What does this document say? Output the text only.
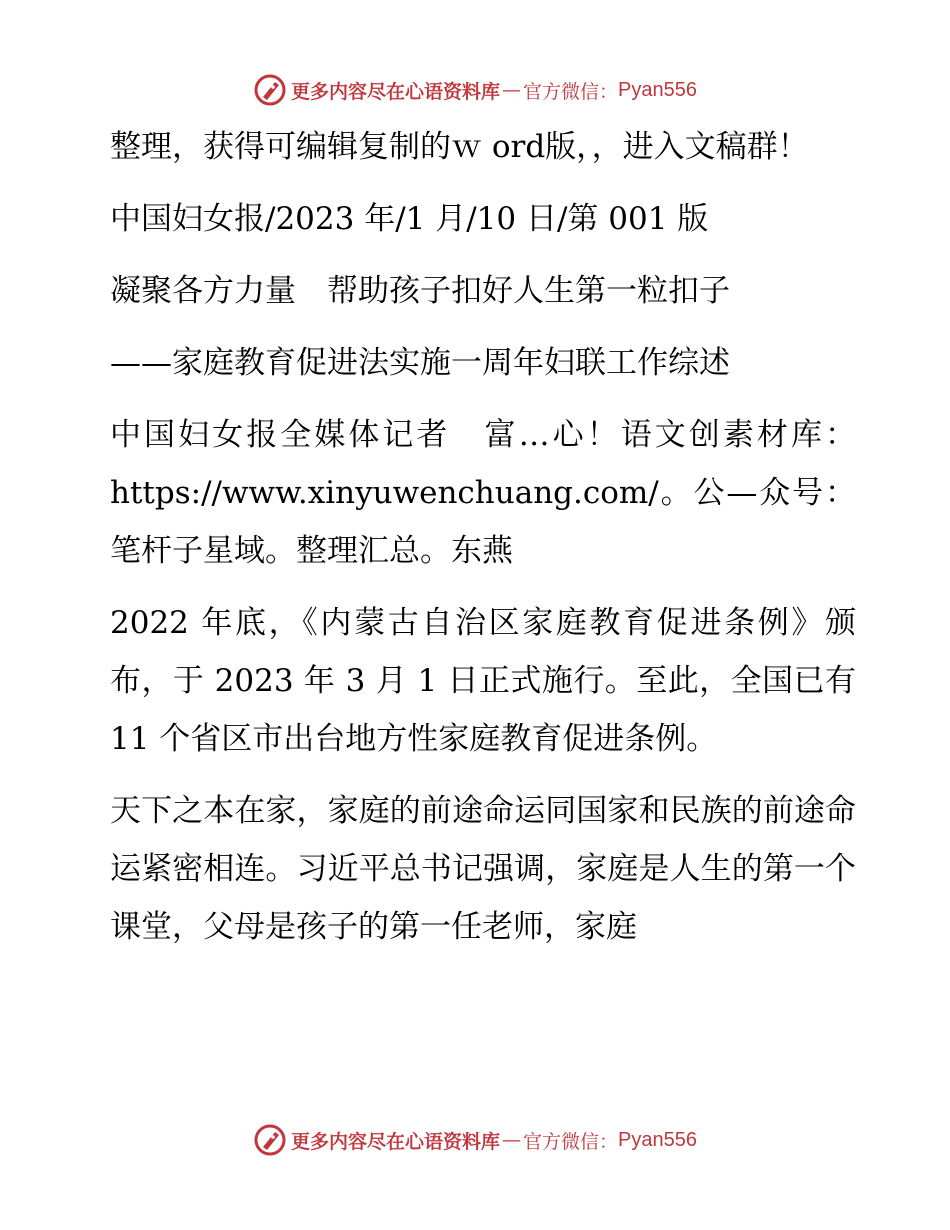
更多内容尽在心语资料库 — 官方微信： Pyan556

整理，获得可编辑复制的ｗ ord版，，进入文稿群！

中国妇女报/2023 年/1 月/10 日/第 001 版

凝聚各方力量　帮助孩子扣好人生第一粒扣子

——家庭教育促进法实施一周年妇联工作综述

中国妇女报全媒体记者　富…心！语文创素材库：https://www.xinyuwenchuang.com/。公—众号：笔杆子星域。整理汇总。东燕

2022 年底，《内蒙古自治区家庭教育促进条例》颁布，于 2023 年 3 月 1 日正式施行。至此，全国已有 11 个省区市出台地方性家庭教育促进条例。

天下之本在家，家庭的前途命运同国家和民族的前途命运紧密相连。习近平总书记强调，家庭是人生的第一个课堂，父母是孩子的第一任老师，家庭

更多内容尽在心语资料库 — 官方微信： Pyan556
